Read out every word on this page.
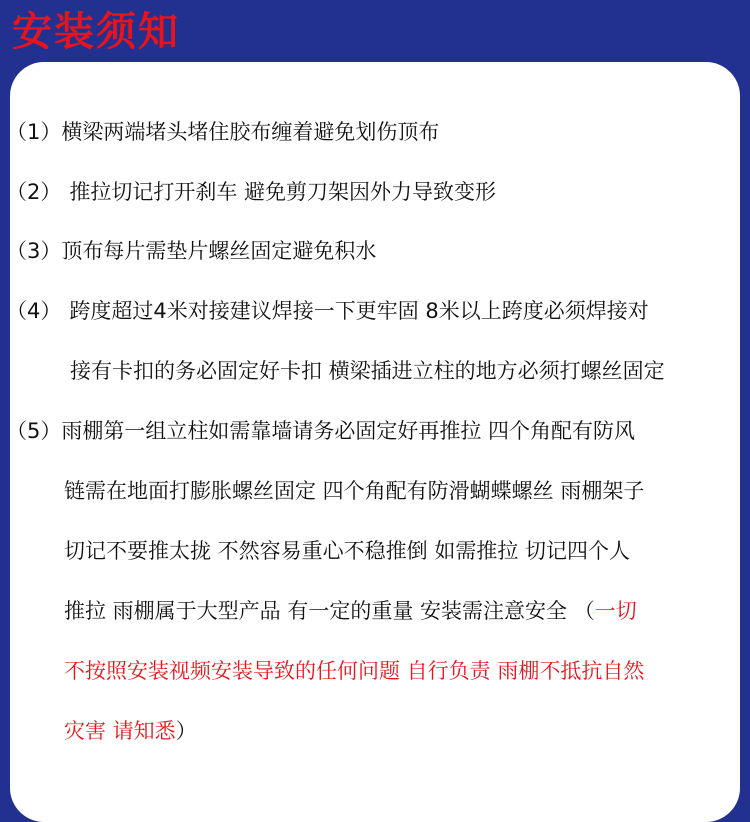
安装须知
（1）横梁两端堵头堵住胶布缠着避免划伤顶布
（2） 推拉切记打开刹车 避免剪刀架因外力导致变形
（3）顶布每片需垫片螺丝固定避免积水
（4） 跨度超过4米对接建议焊接一下更牢固 8米以上跨度必须焊接对
接有卡扣的务必固定好卡扣 横梁插进立柱的地方必须打螺丝固定
（5）雨棚第一组立柱如需靠墙请务必固定好再推拉 四个角配有防风
链需在地面打膨胀螺丝固定 四个角配有防滑蝴蝶螺丝 雨棚架子
切记不要推太拢 不然容易重心不稳推倒 如需推拉 切记四个人
推拉 雨棚属于大型产品 有一定的重量 安装需注意安全 （一切
不按照安装视频安装导致的任何问题 自行负责 雨棚不抵抗自然
灾害 请知悉）
